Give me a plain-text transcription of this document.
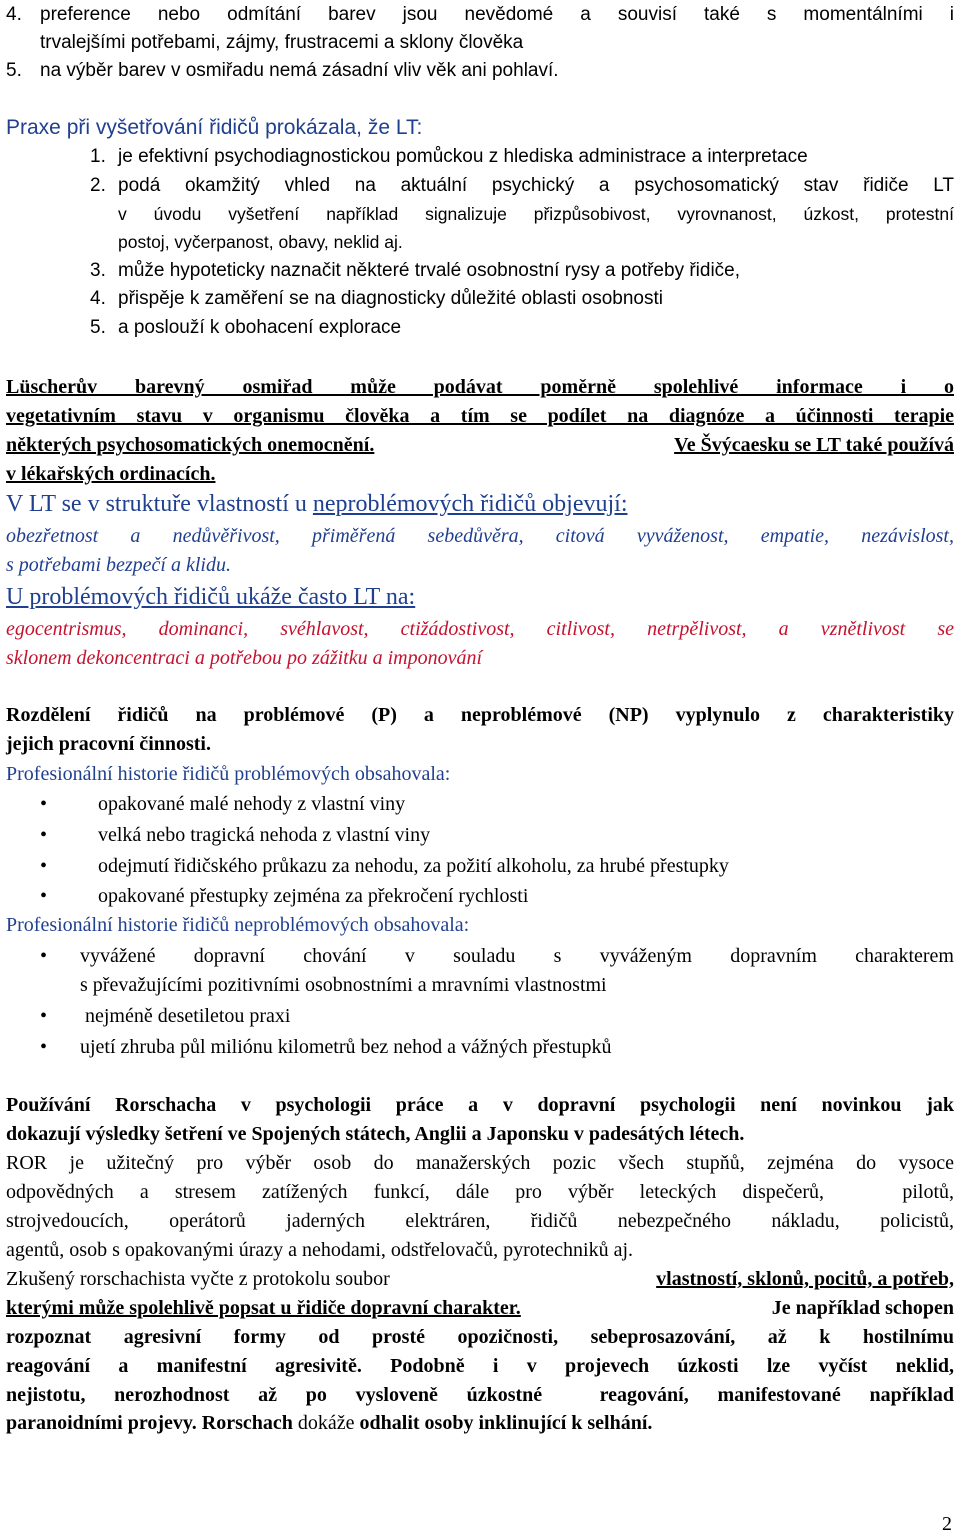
4. preference nebo odmítání barev jsou nevědomé a souvisí také s momentálními i
trvalejšími potřebami, zájmy, frustracemi a sklony člověka
5. na výběr barev v osmiřadu nemá zásadní vliv věk ani pohlaví.
Praxe při vyšetřování řidičů prokázala, že LT:
1. je efektivní psychodiagnostickou pomůckou z hlediska administrace a interpretace
2. podá okamžitý vhled na aktuální psychický a psychosomatický stav řidiče LT
v úvodu vyšetření například signalizuje přizpůsobivost, vyrovnanost, úzkost, protestní
postoj, vyčerpanost, obavy, neklid aj.
3. může hypoteticky naznačit některé trvalé osobnostní rysy a potřeby řidiče,
4. přispěje k zaměření se na diagnosticky důležité oblasti osobnosti
5. a poslouží k obohacení explorace
Lüscherův barevný osmiřad může podávat poměrně spolehlivé informace i o
vegetativním stavu v organismu člověka a tím se podílet na diagnóze a účinnosti terapie
některých psychosomatických onemocnění.	Ve Švýcaesku se LT také používá
v lékařských ordinacích.
V LT se v struktuře vlastností u neproblémových řidičů objevují:
obezřetnost a nedůvěřivost, přiměřená sebedůvěra, citová vyváženost, empatie, nezávislost,
s potřebami bezpečí a klidu.
U problémových řidičů ukáže často LT na:
egocentrismus, dominanci, svéhlavost, ctižádostivost, citlivost, netrpělivost, a vznětlivost se
sklonem dekoncentraci a potřebou po zážitku a imponování
Rozdělení řidičů na problémové (P) a neproblémové (NP) vyplynulo z charakteristiky
jejich pracovní činnosti.
Profesionální historie řidičů problémových obsahovala:
•	opakované malé nehody z vlastní viny
•	velká nebo tragická nehoda z vlastní viny
•	odejmutí řidičského průkazu za nehodu, za požití alkoholu, za hrubé přestupky
•	opakované přestupky zejména za překročení rychlosti
Profesionální historie řidičů neproblémových obsahovala:
• vyvážené dopravní chování v souladu s vyváženým dopravním charakterem
s převažujícími pozitivními osobnostními a mravními vlastnostmi
• nejméně desetiletou praxi
• ujetí zhruba půl miliónu kilometrů bez nehod a vážných přestupků
Používání Rorschacha v psychologii práce a v dopravní psychologii není novinkou jak
dokazují výsledky šetření ve Spojených státech, Anglii a Japonsku v padesátých létech.
ROR je užitečný pro výběr osob do manažerských pozic všech stupňů, zejména do vysoce
odpovědných a stresem zatížených funkcí, dále pro výběr leteckých dispečerů,   pilotů,
strojvedoucích, operátorů jaderných elektráren, řidičů nebezpečného nákladu, policistů,
agentů, osob s opakovanými úrazy a nehodami, odstřelovačů, pyrotechniků aj.
Zkušený rorschachista vyčte z protokolu soubor	vlastností, sklonů, pocitů, a potřeb,
kterými může spolehlivě popsat u řidiče dopravní charakter.	Je například schopen
rozpoznat agresivní formy od prosté opozičnosti, sebeprosazování, až k hostilnímu
reagování a manifestní agresivitě. Podobně i v projevech úzkosti lze vyčíst neklid,
nejistotu, nerozhodnost až po vysloveně úzkostné  reagování, manifestované například
paranoidními projevy. Rorschach dokáže odhalit osoby inklinující k selhání.
2
